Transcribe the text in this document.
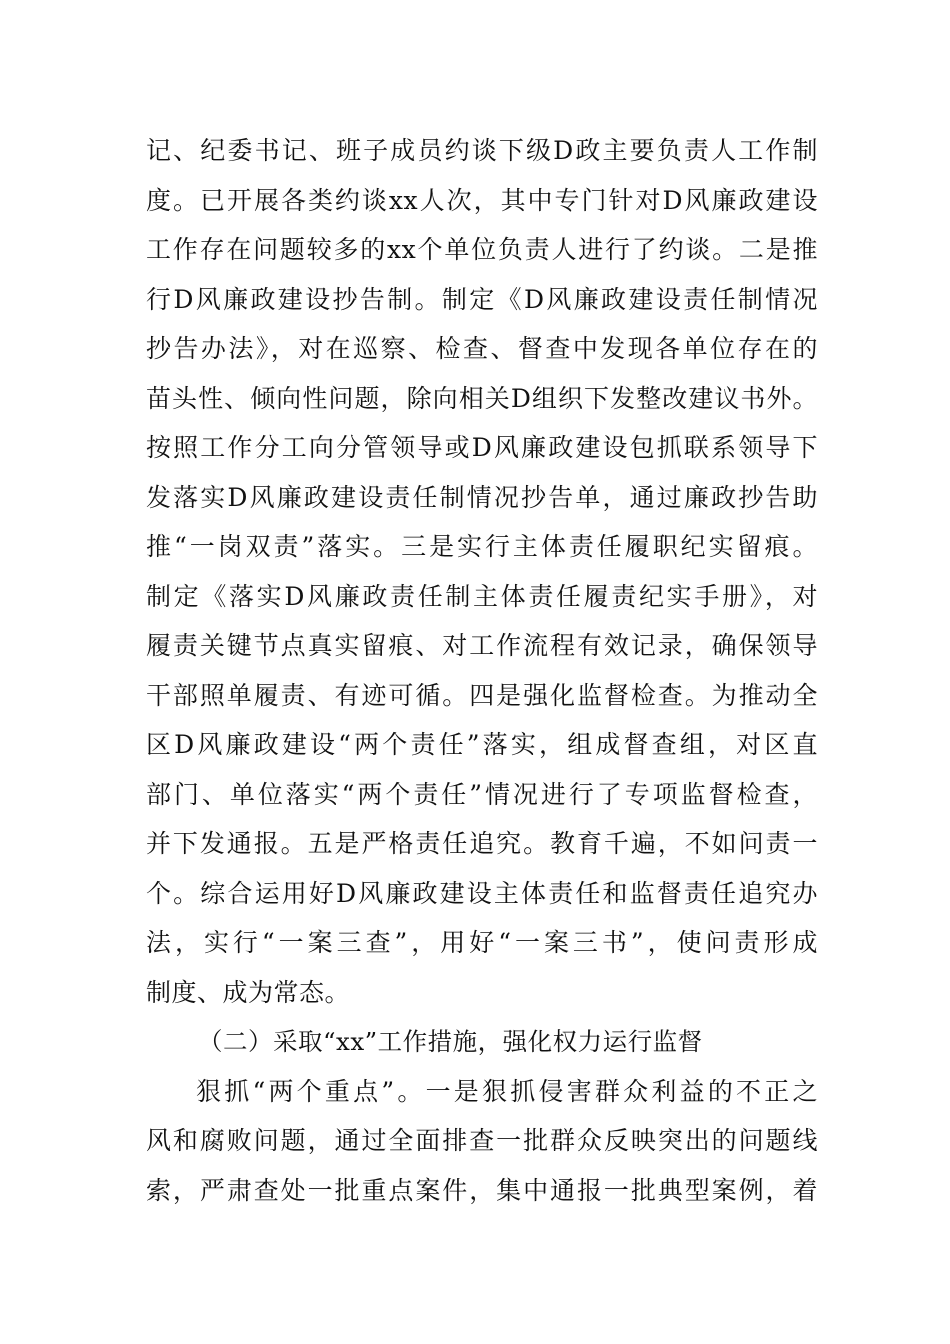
记、纪委书记、班子成员约谈下级D政主要负责人工作制
度。已开展各类约谈xx人次，其中专门针对D风廉政建设
工作存在问题较多的xx个单位负责人进行了约谈。二是推
行D风廉政建设抄告制。制定《D风廉政建设责任制情况
抄告办法》，对在巡察、检查、督查中发现各单位存在的
苗头性、倾向性问题，除向相关D组织下发整改建议书外。
按照工作分工向分管领导或D风廉政建设包抓联系领导下
发落实D风廉政建设责任制情况抄告单，通过廉政抄告助
推“一岗双责”落实。三是实行主体责任履职纪实留痕。
制定《落实D风廉政责任制主体责任履责纪实手册》，对
履责关键节点真实留痕、对工作流程有效记录，确保领导
干部照单履责、有迹可循。四是强化监督检查。为推动全
区D风廉政建设“两个责任”落实，组成督查组，对区直
部门、单位落实“两个责任”情况进行了专项监督检查，
并下发通报。五是严格责任追究。教育千遍，不如问责一
个。综合运用好D风廉政建设主体责任和监督责任追究办
法，实行“一案三查”，用好“一案三书”，使问责形成
制度、成为常态。
（二）采取“xx”工作措施，强化权力运行监督
狠抓“两个重点”。一是狠抓侵害群众利益的不正之
风和腐败问题，通过全面排查一批群众反映突出的问题线
索，严肃查处一批重点案件，集中通报一批典型案例，着
